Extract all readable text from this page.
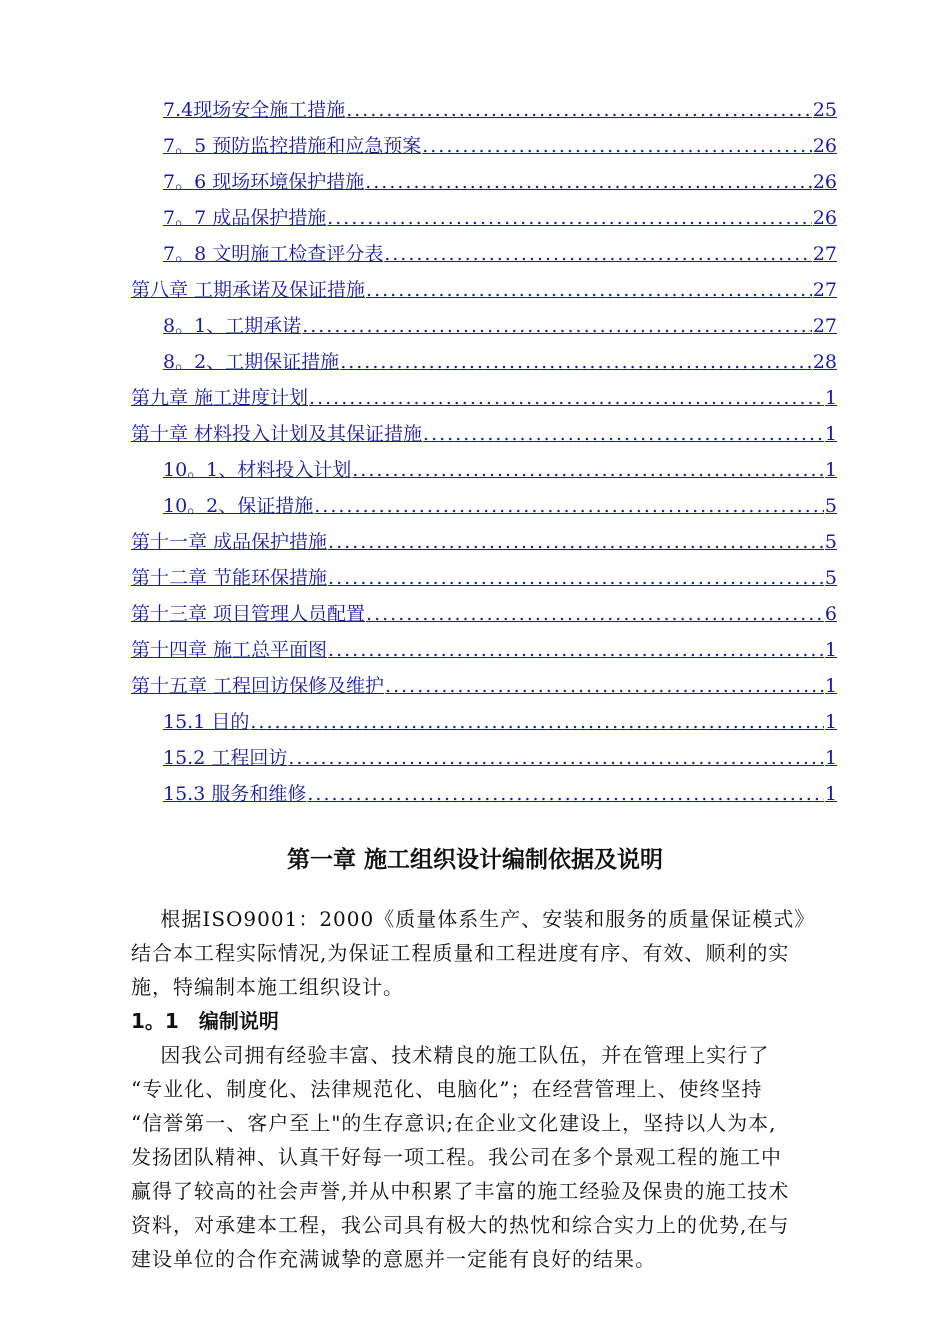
7.4现场安全施工措施 .....	25
7。5 预防监控措施和应急预案 .....	26
7。6 现场环境保护措施 .....	26
7。7 成品保护措施 .....	26
7。8 文明施工检查评分表 .....	27
第八章 工期承诺及保证措施 .....	27
8。1、工期承诺 .....	27
8。2、工期保证措施 .....	28
第九章 施工进度计划 .....	1
第十章 材料投入计划及其保证措施 .....	1
10。1、材料投入计划 .....	1
10。2、保证措施 .....	5
第十一章 成品保护措施 .....	5
第十二章 节能环保措施 .....	5
第十三章 项目管理人员配置 .....	6
第十四章 施工总平面图 .....	1
第十五章 工程回访保修及维护 .....	1
15.1 目的 .....	1
15.2 工程回访 .....	1
15.3 服务和维修 .....	1
第一章 施工组织设计编制依据及说明
根据ISO9001：2000《质量体系生产、安装和服务的质量保证模式》
结合本工程实际情况,为保证工程质量和工程进度有序、有效、顺利的实
施，特编制本施工组织设计。
1。1 编制说明
因我公司拥有经验丰富、技术精良的施工队伍，并在管理上实行了
“专业化、制度化、法律规范化、电脑化”；在经营管理上、使终坚持
“信誉第一、客户至上"的生存意识;在企业文化建设上，坚持以人为本,
发扬团队精神、认真干好每一项工程。我公司在多个景观工程的施工中
赢得了较高的社会声誉,并从中积累了丰富的施工经验及保贵的施工技术
资料，对承建本工程，我公司具有极大的热忱和综合实力上的优势,在与
建设单位的合作充满诚挚的意愿并一定能有良好的结果。
